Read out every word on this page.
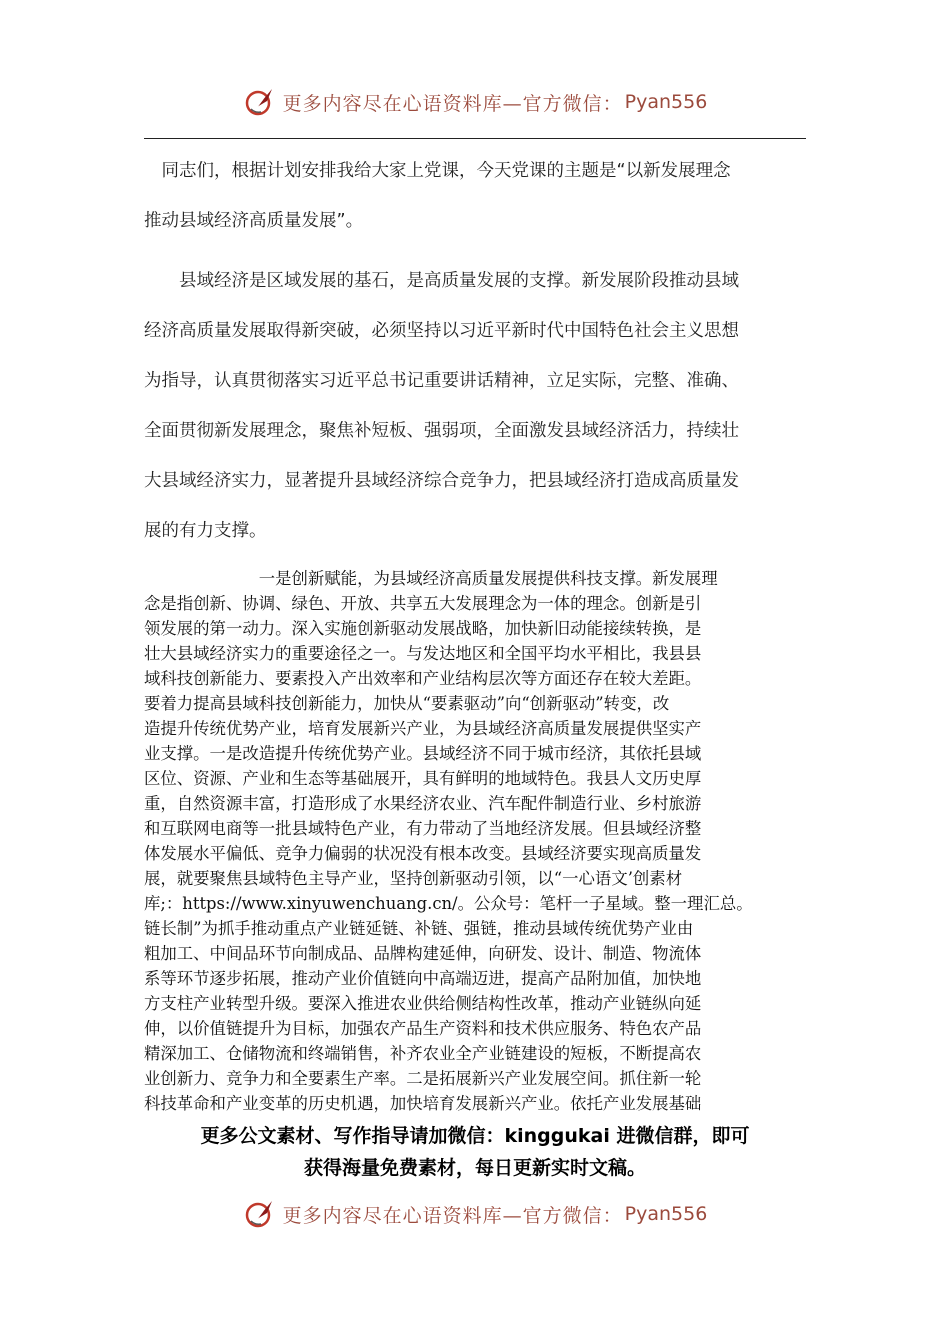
更多内容尽在心语资料库—官方微信： Pyan556
　同志们，根据计划安排我给大家上党课，今天党课的主题是“以新发展理念
推动县域经济高质量发展”。
　　县域经济是区域发展的基石，是高质量发展的支撑。新发展阶段推动县域
经济高质量发展取得新突破，必须坚持以习近平新时代中国特色社会主义思想
为指导，认真贯彻落实习近平总书记重要讲话精神，立足实际，完整、准确、
全面贯彻新发展理念，聚焦补短板、强弱项，全面激发县域经济活力，持续壮
大县域经济实力，显著提升县域经济综合竞争力，把县域经济打造成高质量发
展的有力支撑。
　　　　　　　一是创新赋能，为县域经济高质量发展提供科技支撑。新发展理
念是指创新、协调、绿色、开放、共享五大发展理念为一体的理念。创新是引
领发展的第一动力。深入实施创新驱动发展战略，加快新旧动能接续转换，是
壮大县域经济实力的重要途径之一。与发达地区和全国平均水平相比，我县县
域科技创新能力、要素投入产出效率和产业结构层次等方面还存在较大差距。
要着力提高县域科技创新能力，加快从“要素驱动”向“创新驱动”转变，改
造提升传统优势产业，培育发展新兴产业，为县域经济高质量发展提供坚实产
业支撑。一是改造提升传统优势产业。县域经济不同于城市经济，其依托县域
区位、资源、产业和生态等基础展开，具有鲜明的地域特色。我县人文历史厚
重，自然资源丰富，打造形成了水果经济农业、汽车配件制造行业、乡村旅游
和互联网电商等一批县域特色产业，有力带动了当地经济发展。但县域经济整
体发展水平偏低、竞争力偏弱的状况没有根本改变。县域经济要实现高质量发
展，就要聚焦县域特色主导产业，坚持创新驱动引领，以“一心语文’创素材
库;：https://www.xinyuwenchuang.cn/。公众号：笔杆一子星域。整一理汇总。
链长制”为抓手推动重点产业链延链、补链、强链，推动县域传统优势产业由
粗加工、中间品环节向制成品、品牌构建延伸，向研发、设计、制造、物流体
系等环节逐步拓展，推动产业价值链向中高端迈进，提高产品附加值，加快地
方支柱产业转型升级。要深入推进农业供给侧结构性改革，推动产业链纵向延
伸，以价值链提升为目标，加强农产品生产资料和技术供应服务、特色农产品
精深加工、仓储物流和终端销售，补齐农业全产业链建设的短板，不断提高农
业创新力、竞争力和全要素生产率。二是拓展新兴产业发展空间。抓住新一轮
科技革命和产业变革的历史机遇，加快培育发展新兴产业。依托产业发展基础
更多公文素材、写作指导请加微信：kinggukai 进微信群，即可
获得海量免费素材，每日更新实时文稿。
更多内容尽在心语资料库—官方微信： Pyan556
